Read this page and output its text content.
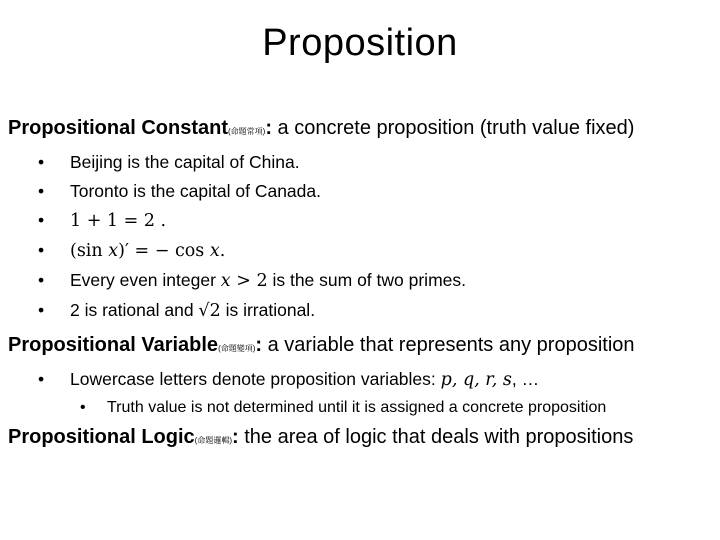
Proposition

Propositional Constant(命題常項): a concrete proposition (truth value fixed)

• Beijing is the capital of China.

• Toronto is the capital of Canada.

• 1 + 1 = 2 .

• (sin x)′ = − cos x.

• Every even integer x > 2 is the sum of two primes.

• 2 is rational and √2 is irrational.

Propositional Variable(命題變項): a variable that represents any proposition

• Lowercase letters denote proposition variables: p, q, r, s, …

• Truth value is not determined until it is assigned a concrete proposition

Propositional Logic(命題邏輯): the area of logic that deals with propositions
